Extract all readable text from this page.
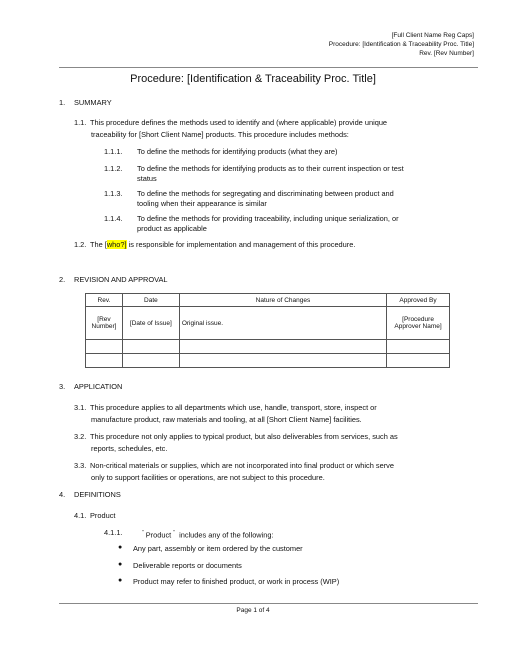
[Full Client Name Reg Caps]
Procedure: [Identification & Traceability Proc. Title]
Rev. [Rev Number]
Procedure: [Identification & Traceability Proc. Title]
1. SUMMARY
1.1. This procedure defines the methods used to identify and (where applicable) provide unique
traceability for [Short Client Name] products. This procedure includes methods:
1.1.1. To define the methods for identifying products (what they are)
1.1.2. To define the methods for identifying products as to their current inspection or test
status
1.1.3. To define the methods for segregating and discriminating between product and
tooling when their appearance is similar
1.1.4. To define the methods for providing traceability, including unique serialization, or
product as applicable
1.2. The [who?] is responsible for implementation and management of this procedure.
2. REVISION AND APPROVAL
Rev.	Date	Nature of Changes	Approved By
[Rev Number]	[Date of Issue]	Original issue.	[Procedure Approver Name]

3. APPLICATION
3.1. This procedure applies to all departments which use, handle, transport, store, inspect or
manufacture product, raw materials and tooling, at all [Short Client Name] facilities.
3.2. This procedure not only applies to typical product, but also deliverables from services, such as
reports, schedules, etc.
3.3. Non-critical materials or supplies, which are not incorporated into final product or which serve
only to support facilities or operations, are not subject to this procedure.
4. DEFINITIONS
4.1. Product
4.1.1.	“ Product ” includes any of the following:
● Any part, assembly or item ordered by the customer
● Deliverable reports or documents
● Product may refer to finished product, or work in process (WIP)
Page 1 of 4
